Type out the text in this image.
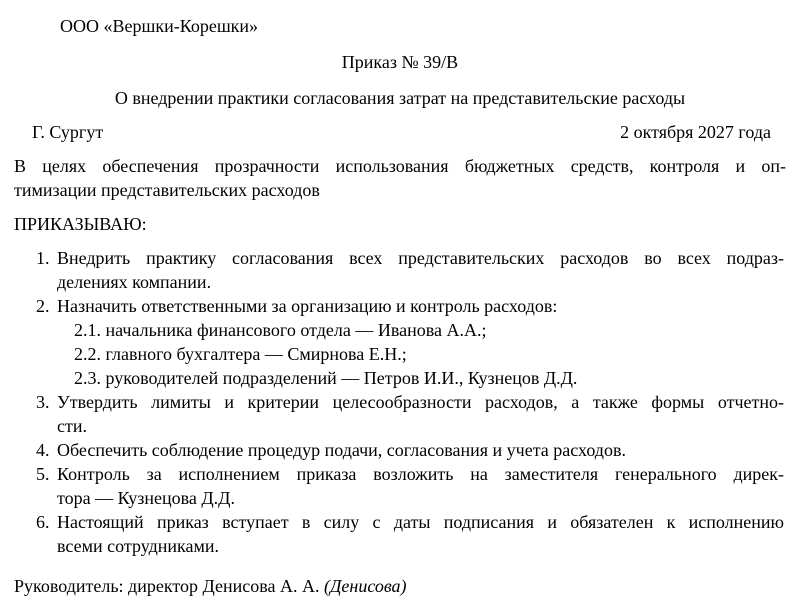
ООО «Вершки-Корешки»
Приказ № 39/В
О внедрении практики согласования затрат на представительские расходы
Г. Сургут	2 октября 2027 года
В целях обеспечения прозрачности использования бюджетных средств, контроля и оп-
тимизации представительских расходов
ПРИКАЗЫВАЮ:
1. Внедрить практику согласования всех представительских расходов во всех подраз-
делениях компании.
2. Назначить ответственными за организацию и контроль расходов:
2.1. начальника финансового отдела — Иванова А.А.;
2.2. главного бухгалтера — Смирнова Е.Н.;
2.3. руководителей подразделений — Петров И.И., Кузнецов Д.Д.
3. Утвердить лимиты и критерии целесообразности расходов, а также формы отчетно-
сти.
4. Обеспечить соблюдение процедур подачи, согласования и учета расходов.
5. Контроль за исполнением приказа возложить на заместителя генерального дирек-
тора — Кузнецова Д.Д.
6. Настоящий приказ вступает в силу с даты подписания и обязателен к исполнению
всеми сотрудниками.
Руководитель: директор Денисова А. А. (Денисова)
